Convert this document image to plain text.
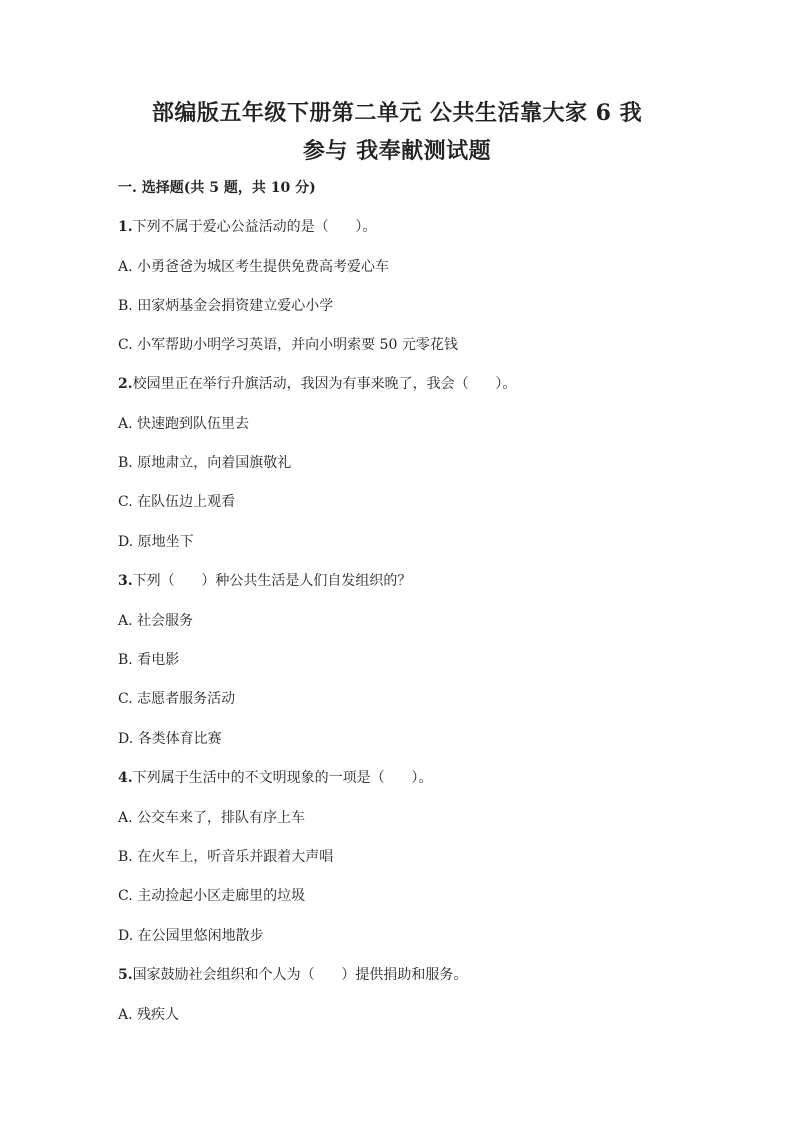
部编版五年级下册第二单元 公共生活靠大家 6 我
参与 我奉献测试题
一. 选择题(共 5 题，共 10 分)
1.下列不属于爱心公益活动的是（      ）。
A. 小勇爸爸为城区考生提供免费高考爱心车
B. 田家炳基金会捐资建立爱心小学
C. 小军帮助小明学习英语，并向小明索要 50 元零花钱
2.校园里正在举行升旗活动，我因为有事来晚了，我会（      ）。
A. 快速跑到队伍里去
B. 原地肃立，向着国旗敬礼
C. 在队伍边上观看
D. 原地坐下
3.下列（      ）种公共生活是人们自发组织的？
A. 社会服务
B. 看电影
C. 志愿者服务活动
D. 各类体育比赛
4.下列属于生活中的不文明现象的一项是（      ）。
A. 公交车来了，排队有序上车
B. 在火车上，听音乐并跟着大声唱
C. 主动捡起小区走廊里的垃圾
D. 在公园里悠闲地散步
5.国家鼓励社会组织和个人为（      ）提供捐助和服务。
A. 残疾人
